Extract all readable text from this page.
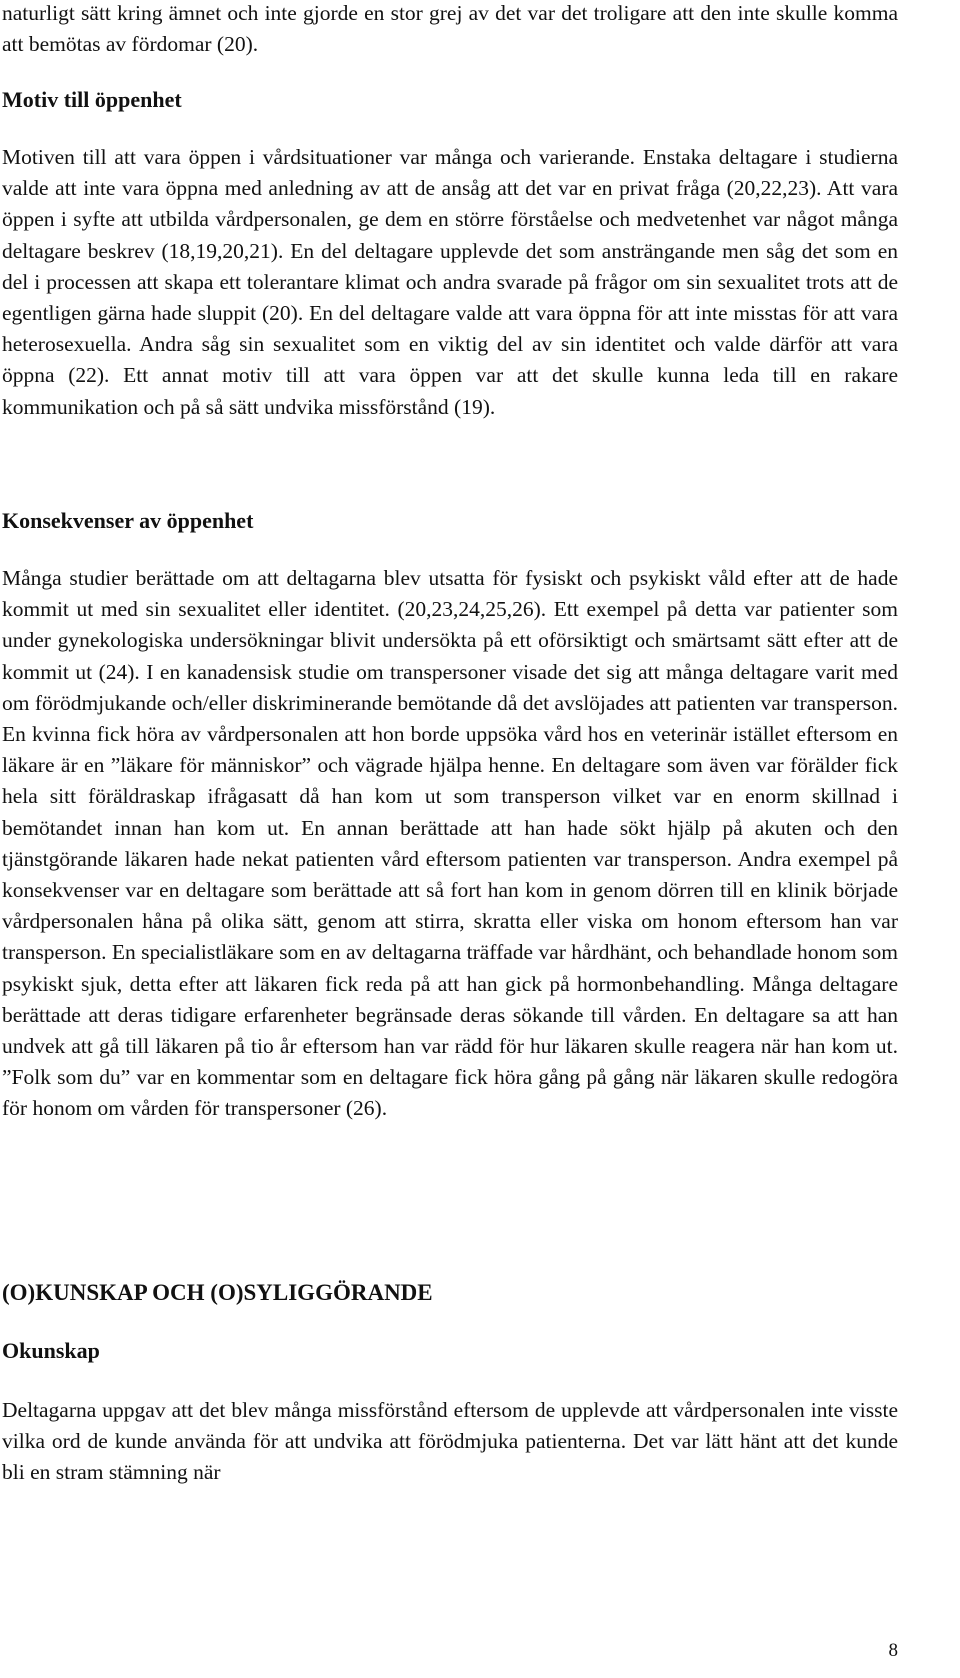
naturligt sätt kring ämnet och inte gjorde en stor grej av det var det troligare att den inte skulle komma att bemötas av fördomar (20).

Motiv till öppenhet

Motiven till att vara öppen i vårdsituationer var många och varierande. Enstaka deltagare i studierna valde att inte vara öppna med anledning av att de ansåg att det var en privat fråga (20,22,23). Att vara öppen i syfte att utbilda vårdpersonalen, ge dem en större förståelse och medvetenhet var något många deltagare beskrev (18,19,20,21). En del deltagare upplevde det som ansträngande men såg det som en del i processen att skapa ett tolerantare klimat och andra svarade på frågor om sin sexualitet trots att de egentligen gärna hade sluppit (20). En del deltagare valde att vara öppna för att inte misstas för att vara heterosexuella. Andra såg sin sexualitet som en viktig del av sin identitet och valde därför att vara öppna (22). Ett annat motiv till att vara öppen var att det skulle kunna leda till en rakare kommunikation och på så sätt undvika missförstånd (19).

Konsekvenser av öppenhet

Många studier berättade om att deltagarna blev utsatta för fysiskt och psykiskt våld efter att de hade kommit ut med sin sexualitet eller identitet. (20,23,24,25,26). Ett exempel på detta var patienter som under gynekologiska undersökningar blivit undersökta på ett oförsiktigt och smärtsamt sätt efter att de kommit ut (24). I en kanadensisk studie om transpersoner visade det sig att många deltagare varit med om förödmjukande och/eller diskriminerande bemötande då det avslöjades att patienten var transperson. En kvinna fick höra av vårdpersonalen att hon borde uppsöka vård hos en veterinär istället eftersom en läkare är en ”läkare för människor” och vägrade hjälpa henne. En deltagare som även var förälder fick hela sitt föräldraskap ifrågasatt då han kom ut som transperson vilket var en enorm skillnad i bemötandet innan han kom ut. En annan berättade att han hade sökt hjälp på akuten och den tjänstgörande läkaren hade nekat patienten vård eftersom patienten var transperson. Andra exempel på konsekvenser var en deltagare som berättade att så fort han kom in genom dörren till en klinik började vårdpersonalen håna på olika sätt, genom att stirra, skratta eller viska om honom eftersom han var transperson. En specialistläkare som en av deltagarna träffade var hårdhänt, och behandlade honom som psykiskt sjuk, detta efter att läkaren fick reda på att han gick på hormonbehandling. Många deltagare berättade att deras tidigare erfarenheter begränsade deras sökande till vården. En deltagare sa att han undvek att gå till läkaren på tio år eftersom han var rädd för hur läkaren skulle reagera när han kom ut. ”Folk som du” var en kommentar som en deltagare fick höra gång på gång när läkaren skulle redogöra för honom om vården för transpersoner (26).

(O)KUNSKAP OCH (O)SYLIGGÖRANDE
Okunskap

Deltagarna uppgav att det blev många missförstånd eftersom de upplevde att vårdpersonalen inte visste vilka ord de kunde använda för att undvika att förödmjuka patienterna. Det var lätt hänt att det kunde bli en stram stämning när

8
